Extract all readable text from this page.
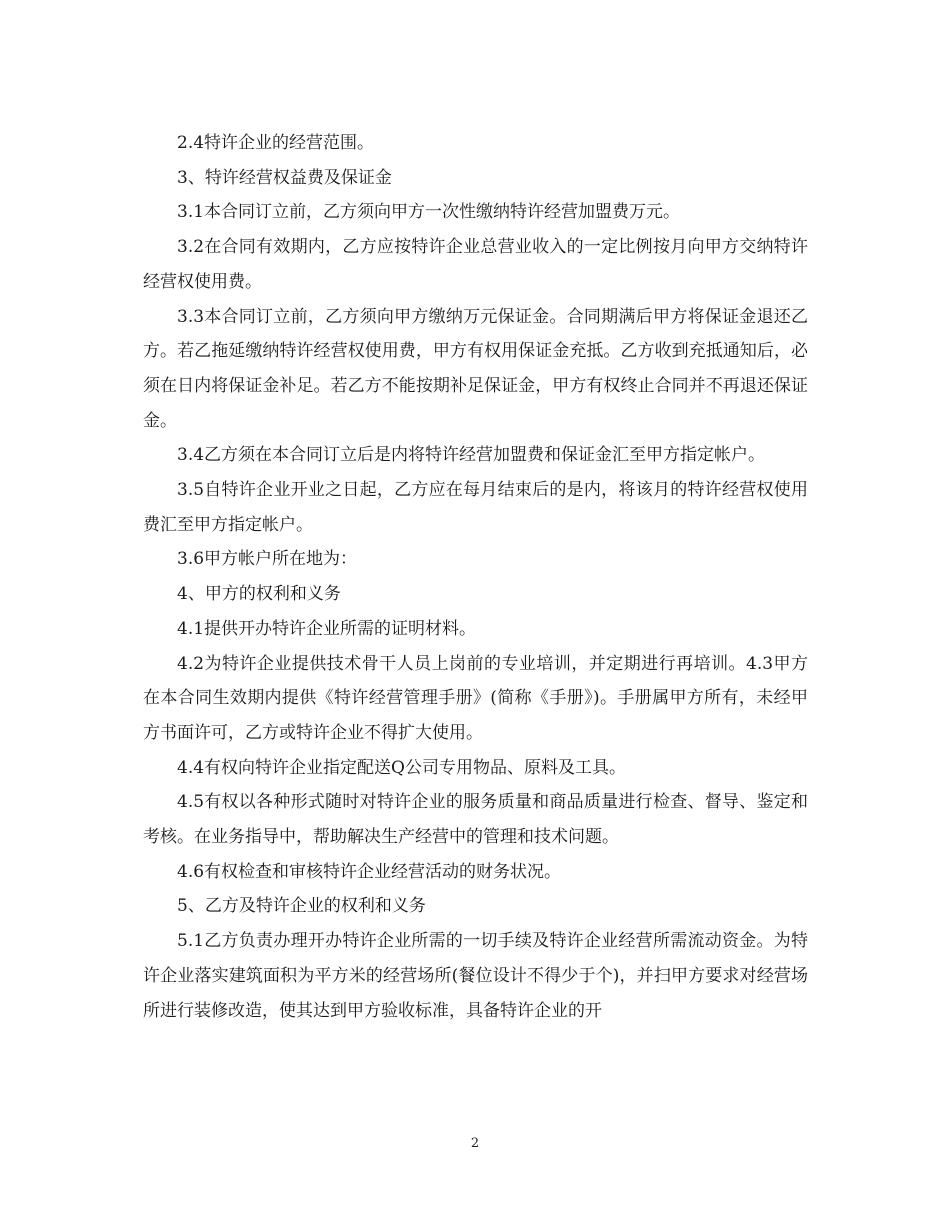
2.4特许企业的经营范围。

3、特许经营权益费及保证金

3.1本合同订立前，乙方须向甲方一次性缴纳特许经营加盟费万元。

3.2在合同有效期内，乙方应按特许企业总营业收入的一定比例按月向甲方交纳特许经营权使用费。

3.3本合同订立前，乙方须向甲方缴纳万元保证金。合同期满后甲方将保证金退还乙方。若乙拖延缴纳特许经营权使用费，甲方有权用保证金充抵。乙方收到充抵通知后，必须在日内将保证金补足。若乙方不能按期补足保证金，甲方有权终止合同并不再退还保证金。

3.4乙方须在本合同订立后是内将特许经营加盟费和保证金汇至甲方指定帐户。

3.5自特许企业开业之日起，乙方应在每月结束后的是内，将该月的特许经营权使用费汇至甲方指定帐户。

3.6甲方帐户所在地为：

4、甲方的权利和义务

4.1提供开办特许企业所需的证明材料。

4.2为特许企业提供技术骨干人员上岗前的专业培训，并定期进行再培训。4.3甲方在本合同生效期内提供《特许经营管理手册》(简称《手册》)。手册属甲方所有，未经甲方书面许可，乙方或特许企业不得扩大使用。

4.4有权向特许企业指定配送Q公司专用物品、原料及工具。

4.5有权以各种形式随时对特许企业的服务质量和商品质量进行检查、督导、鉴定和考核。在业务指导中，帮助解决生产经营中的管理和技术问题。

4.6有权检查和审核特许企业经营活动的财务状况。

5、乙方及特许企业的权利和义务

5.1乙方负责办理开办特许企业所需的一切手续及特许企业经营所需流动资金。为特许企业落实建筑面积为平方米的经营场所(餐位设计不得少于个)，并扫甲方要求对经营场所进行装修改造，使其达到甲方验收标准，具备特许企业的开

2
